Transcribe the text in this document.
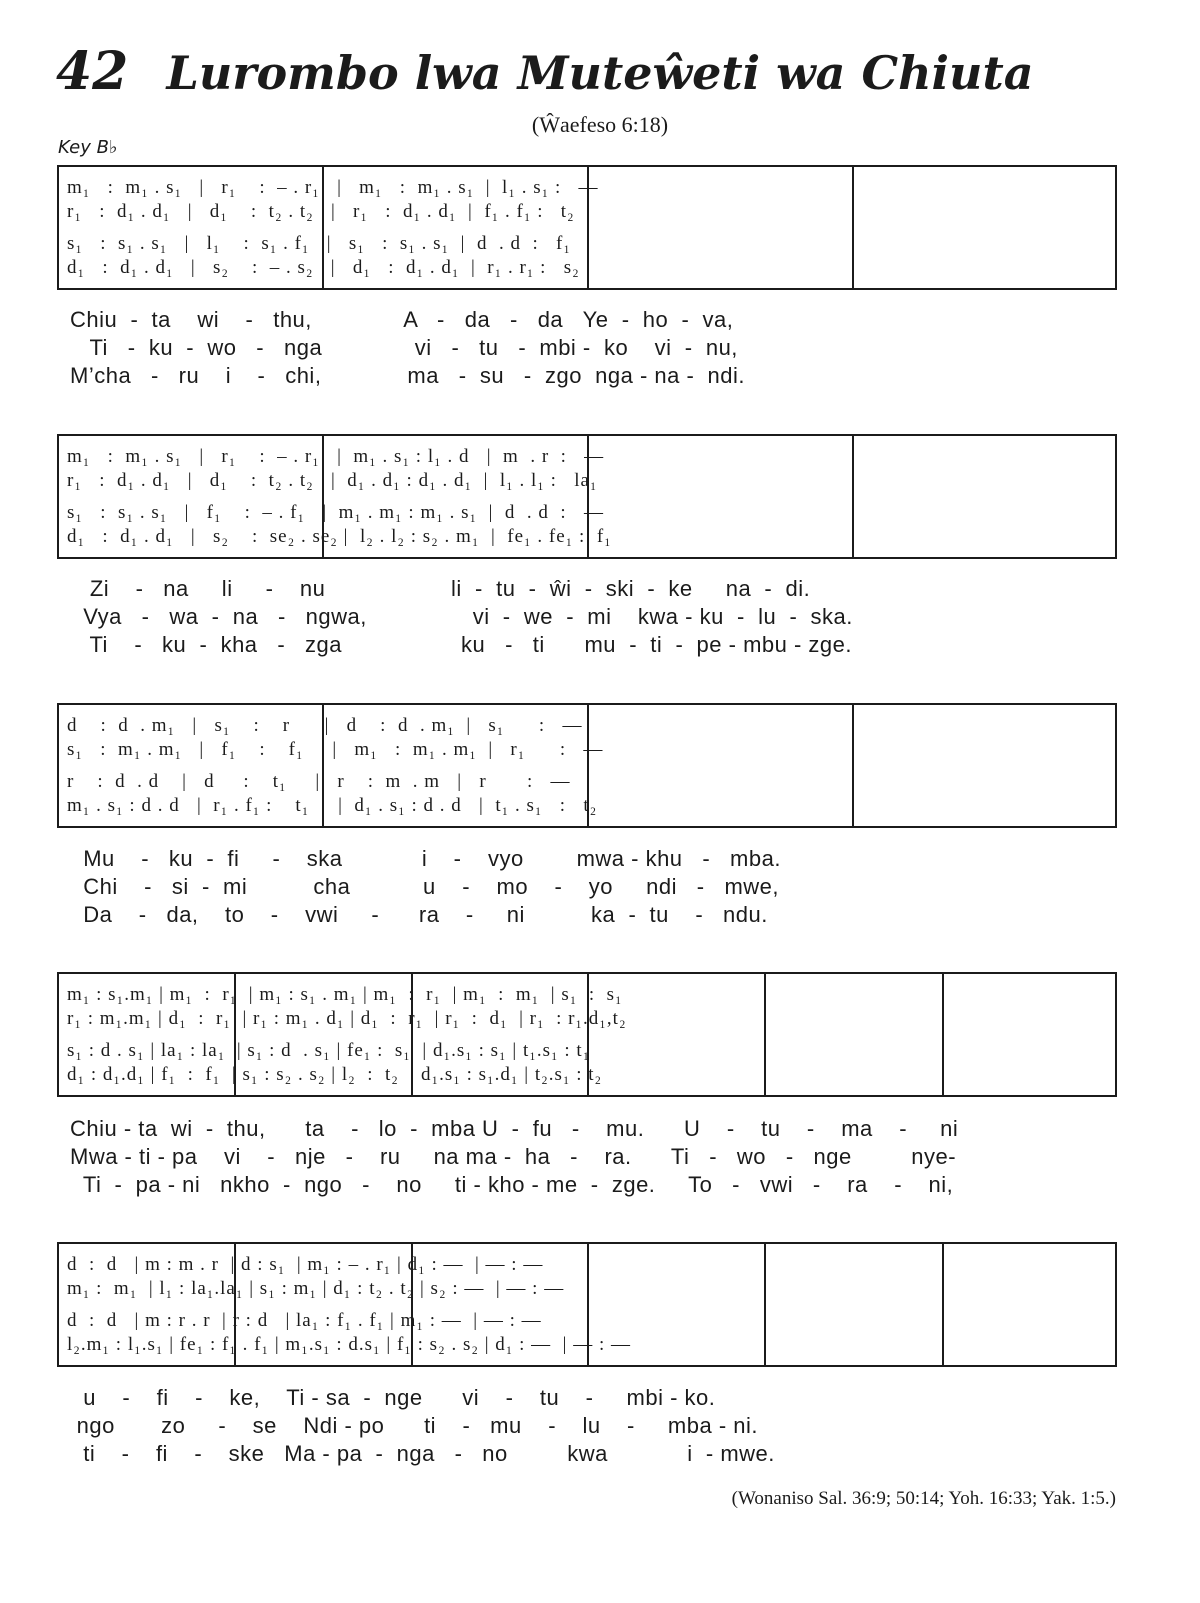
42 Lurombo lwa Muteŵeti wa Chiuta
(Ŵaefeso 6:18)
Key B♭
m₁   :  m₁ . s₁   |   r₁    :  – . r₁   |   m₁   :  m₁ . s₁  |  l₁ . s₁ :   —
r₁   :  d₁ . d₁   |   d₁    :  t₂ . t₂   |   r₁   :  d₁ . d₁  |  f₁ . f₁ :   t₂
s₁   :  s₁ . s₁   |   l₁    :  s₁ . f₁   |   s₁   :  s₁ . s₁  |  d  . d  :   f₁
d₁   :  d₁ . d₁   |   s₂    :  – . s₂   |   d₁   :  d₁ . d₁  |  r₁ . r₁ :   s₂
Chiu  -  ta    wi    -   thu,              A   -   da   -   da   Ye  -  ho  -  va,
Ti   -  ku  -  wo   -   nga              vi   -   tu   -  mbi -  ko    vi  -  nu,
M’cha   -   ru    i    -   chi,             ma   -  su   -  zgo  nga - na -  ndi.
m₁   :  m₁ . s₁   |   r₁    :  – . r₁   |  m₁ . s₁ : l₁ . d   |  m  . r  :   —
r₁   :  d₁ . d₁   |   d₁    :  t₂ . t₂   |  d₁ . d₁ : d₁ . d₁  |  l₁ . l₁ :   la₁
s₁   :  s₁ . s₁   |   f₁    :  – . f₁   |  m₁ . m₁ : m₁ . s₁  |  d  . d  :   —
d₁   :  d₁ . d₁   |   s₂    :  se₂ . se₂ |  l₂ . l₂ : s₂ . m₁  |  fe₁ . fe₁ :  f₁
Zi    -   na     li     -    nu                   li  -  tu  -  ŵi  -  ski  -  ke     na  -  di.
Vya   -   wa  -  na   -   ngwa,                vi  -  we  -  mi    kwa - ku  -  lu  -  ska.
Ti    -   ku  -  kha   -   zga                  ku   -   ti      mu  -  ti  -  pe - mbu - zge.
d    :  d  . m₁   |   s₁    :    r      |   d    :  d  . m₁  |   s₁      :   —
s₁   :  m₁ . m₁   |   f₁    :    f₁     |   m₁   :  m₁ . m₁  |   r₁      :   —
r    :  d  . d    |   d     :    t₁     |   r    :  m  . m   |   r       :   —
m₁ . s₁ : d . d   |  r₁ . f₁ :    t₁     |  d₁ . s₁ : d . d   |  t₁ . s₁   :   t₂
Mu    -   ku  -  fi     -    ska            i    -    vyo        mwa - khu   -   mba.
Chi    -   si  -  mi          cha           u    -    mo    -    yo     ndi   -   mwe,
Da    -   da,    to    -    vwi     -      ra    -     ni          ka  -  tu    -   ndu.
m₁ : s₁.m₁ | m₁  :  r₁  | m₁ : s₁ . m₁ | m₁  :  r₁  | m₁  :  m₁  | s₁  :  s₁
r₁ : m₁.m₁ | d₁  :  r₁  | r₁ : m₁ . d₁ | d₁  :  r₁  | r₁  :  d₁  | r₁  : r₁.d₁,t₂
s₁ : d . s₁ | la₁ : la₁  | s₁ : d  . s₁ | fe₁ :  s₁  | d₁.s₁ : s₁ | t₁.s₁ : t₁
d₁ : d₁.d₁ | f₁  :  f₁  | s₁ : s₂ . s₂ | l₂  :  t₂  | d₁.s₁ : s₁.d₁ | t₂.s₁ : t₂
Chiu - ta  wi  -  thu,      ta    -   lo  -  mba U  -  fu   -    mu.      U    -    tu    -    ma    -     ni
Mwa - ti - pa    vi    -   nje   -    ru     na ma -  ha   -    ra.      Ti   -   wo   -   nge         nye-
Ti  -  pa - ni   nkho  -  ngo   -    no     ti - kho - me  -  zge.     To   -   vwi   -    ra    -    ni,
d  :  d   | m : m . r  | d : s₁  | m₁ : – . r₁ | d₁ : —  | — : —
m₁ :  m₁  | l₁ : la₁.la₁ | s₁ : m₁ | d₁ : t₂ . t₂ | s₂ : —  | — : —
d  :  d   | m : r . r  | r : d   | la₁ : f₁ . f₁ | m₁ : —  | — : —
l₂.m₁ : l₁.s₁ | fe₁ : f₁ . f₁ | m₁.s₁ : d.s₁ | f₁ : s₂ . s₂ | d₁ : —  | — : —
u    -    fi    -    ke,    Ti - sa  -  nge      vi    -    tu    -     mbi - ko.
ngo       zo     -    se    Ndi - po      ti    -   mu    -    lu    -     mba - ni.
ti    -    fi    -    ske   Ma - pa  -  nga   -   no         kwa            i  - mwe.
(Wonaniso Sal. 36:9; 50:14; Yoh. 16:33; Yak. 1:5.)
